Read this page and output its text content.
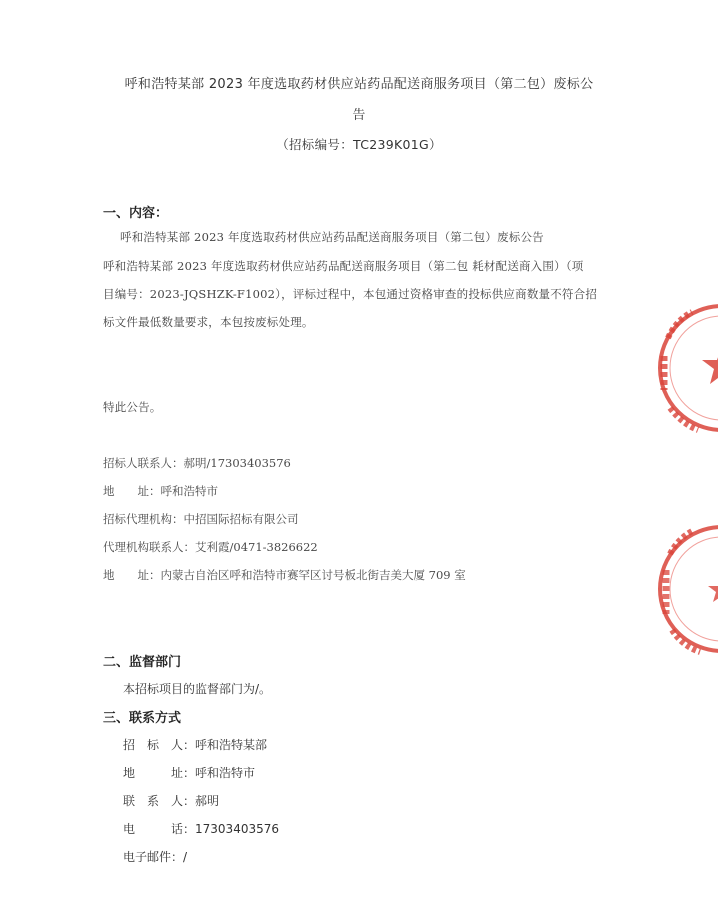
呼和浩特某部 2023 年度选取药材供应站药品配送商服务项目（第二包）废标公
告
（招标编号：TC239K01G）
一、内容：
呼和浩特某部 2023 年度选取药材供应站药品配送商服务项目（第二包）废标公告
呼和浩特某部 2023 年度选取药材供应站药品配送商服务项目（第二包 耗材配送商入围）（项
目编号：2023-JQSHZK-F1002），评标过程中，本包通过资格审查的投标供应商数量不符合招
标文件最低数量要求，本包按废标处理。
特此公告。
招标人联系人：郝明/17303403576
地　　址：呼和浩特市
招标代理机构：中招国际招标有限公司
代理机构联系人：艾利霞/0471-3826622
地　　址：内蒙古自治区呼和浩特市赛罕区讨号板北街吉美大厦 709 室
二、监督部门
本招标项目的监督部门为/。
三、联系方式
招　标　人：呼和浩特某部
地　　　址：呼和浩特市
联　系　人：郝明
电　　　话：17303403576
电子邮件：/
